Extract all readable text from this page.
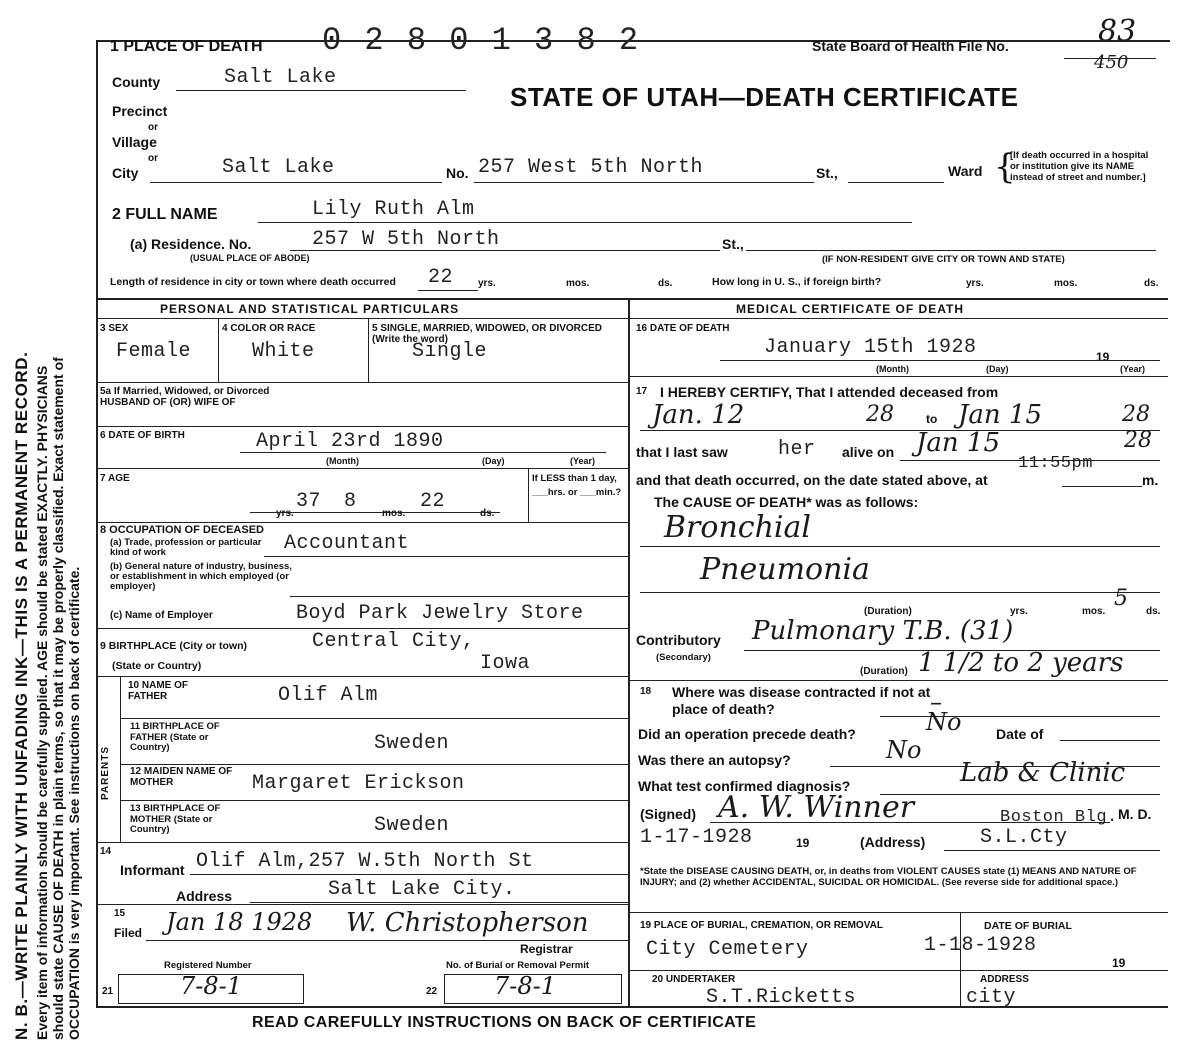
N. B.—WRITE PLAINLY WITH UNFADING INK—THIS IS A PERMANENT RECORD. Every item of information should be carefully supplied. AGE should be stated EXACTLY. PHYSICIANS should state CAUSE OF DEATH in plain terms, so that it may be properly classified. Exact statement of OCCUPATION is very important. See instructions on back of certificate.
1 PLACE OF DEATH 0 2 8 0 1 3 8 2	State Board of Health File No.	83
450
STATE OF UTAH—DEATH CERTIFICATE
County	Salt Lake
Precinct
or
Village
or
City	Salt Lake	No. 257 West 5th North	St.,	Ward {
[If death occurred in a hospital or institution give its NAME instead of street and number.]
2 FULL NAME	Lily Ruth Alm
(a) Residence. No.
(USUAL PLACE OF ABODE)
257 W 5th North	St.,
(IF NON-RESIDENT GIVE CITY OR TOWN AND STATE)
Length of residence in city or town where death occurred 22 yrs.	mos.	ds.	How long in U. S., if foreign birth?	yrs.	mos.	ds.
PERSONAL AND STATISTICAL PARTICULARS
3 SEX
Female
4 COLOR OR RACE
White
5 SINGLE, MARRIED, WIDOWED, OR DIVORCED (Write the word)
Single
5a If Married, Widowed, or Divorced HUSBAND OF (OR) WIFE OF
6 DATE OF BIRTH	April 23rd 1890
(Month)	(Day)	(Year)
7 AGE
37
yrs.
8
mos.
22
ds.
If LESS than 1 day, ___hrs. or ___min.?
8 OCCUPATION OF DECEASED
(a) Trade, profession or particular kind of work	Accountant
(b) General nature of industry, business, or establishment in which employed (or employer)
(c) Name of Employer	Boyd Park Jewelry Store
9 BIRTHPLACE (City or town)	Central City,
(State or Country)	Iowa
PARENTS
10 NAME OF FATHER	Olif Alm
11 BIRTHPLACE OF FATHER (State or Country)	Sweden
12 MAIDEN NAME OF MOTHER	Margaret Erickson
13 BIRTHPLACE OF MOTHER (State or Country)	Sweden
14
Informant Olif Alm,257 W.5th North St
Address	Salt Lake City.
15
Filed Jan 18 1928 W. Christopherson
Registrar
Registered Number	No. of Burial or Removal Permit
21	7-8-1	22 7-8-1
MEDICAL CERTIFICATE OF DEATH
16 DATE OF DEATH
January 15th 1928	19
(Month)	(Day)	(Year)
17 I HEREBY CERTIFY, That I attended deceased from
Jan. 12	28	to Jan 15	28
that I last saw	her alive on Jan 15	28
11:55pm
and that death occurred, on the date stated above, at	m.
The CAUSE OF DEATH* was as follows:
Bronchial
Pneumonia
(Duration)	yrs.	mos.
5
ds.
Contributory
(Secondary)
Pulmonary T.B. (31)
(Duration) 1 1/2 to 2 years
18 Where was disease contracted if not at place of death?	–
Did an operation precede death?	No Date of
Was there an autopsy?	No
What test confirmed diagnosis?	Lab & Clinic
(Signed) A. W. Winner	M. D.
Boston Blg.
1-17-1928	19	(Address)	S.L.Cty
*State the DISEASE CAUSING DEATH, or, in deaths from VIOLENT CAUSES state (1) MEANS AND NATURE OF INJURY; and (2) whether ACCIDENTAL, SUICIDAL OR HOMICIDAL. (See reverse side for additional space.)
19 PLACE OF BURIAL, CREMATION, OR REMOVAL
City Cemetery
DATE OF BURIAL
1-18-1928
19
20 UNDERTAKER
S.T.Ricketts
ADDRESS
city
READ CAREFULLY INSTRUCTIONS ON BACK OF CERTIFICATE
